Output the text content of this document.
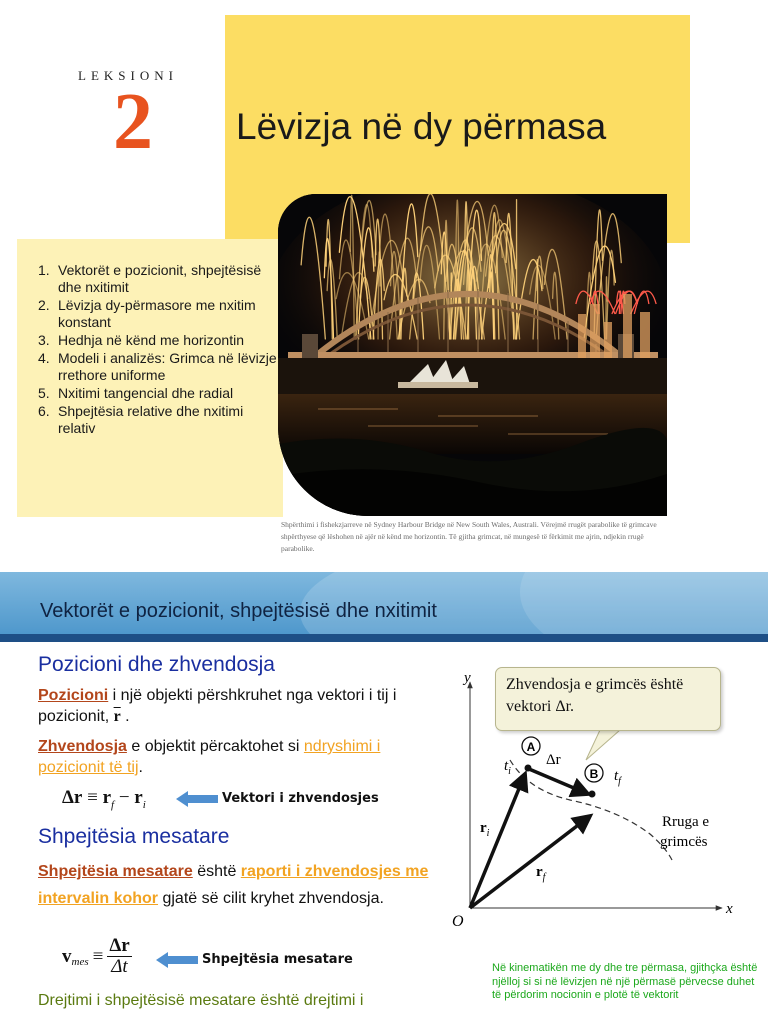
LEKSIONI
2 Lëvizja në dy përmasa
1. Vektorët e pozicionit, shpejtësisë dhe nxitimit
2. Lëvizja dy-përmasore me nxitim konstant
3. Hedhja në kënd me horizontin
4. Modeli i analizës: Grimca në lëvizje rrethore uniforme
5. Nxitimi tangencial dhe radial
6. Shpejtësia relative dhe nxitimi relativ
Shpërthimi i fishekzjarreve në Sydney Harbour Bridge në New South Wales, Australi. Vërejmë rrugët parabolike të grimcave shpërthyese që lëshohen në ajër në kënd me horizontin. Të gjitha grimcat, në mungesë të fërkimit me ajrin, ndjekin rrugë parabolike.
Vektorët e pozicionit, shpejtësisë dhe nxitimit
Pozicioni dhe zhvendosja
Pozicioni i një objekti përshkruhet nga vektori i tij i pozicionit, $\overline{r}$ .
Zhvendosja e objektit përcaktohet si ndryshimi i pozicionit të tij.
$\Delta r \equiv r_f - r_i$	Vektori i zhvendosjes
Shpejtësia mesatare
Shpejtësia mesatare është raporti i zhvendosjes me intervalin kohor gjatë së cilit kryhet zhvendosja.
$v_{mes} \equiv \frac{\Delta r}{\Delta t}$	Shpejtësia mesatare
Drejtimi i shpejtësisë mesatare është drejtimi i
y
x
O
A
B
$t_i$	$t_f$
Δr
$r_i$
$r_f$
Rruga e
grimcës
Zhvendosja e grimcës është vektori Δr.
Në kinematikën me dy dhe tre përmasa, gjithçka është njëlloj si si në lëvizjen në një përmasë përvecse duhet të përdorim nocionin e plotë të vektorit
